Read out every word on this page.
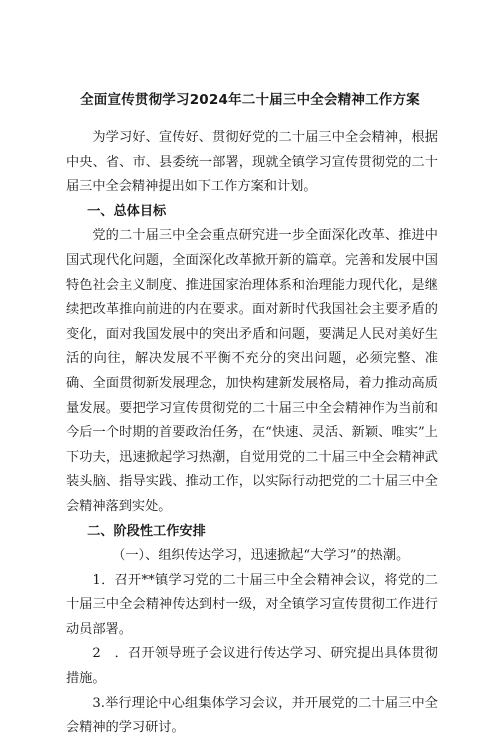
全面宣传贯彻学习2024年二十届三中全会精神工作方案

为学习好、宣传好、贯彻好党的二十届三中全会精神，根据中央、省、市、县委统一部署，现就全镇学习宣传贯彻党的二十届三中全会精神提出如下工作方案和计划。

一、总体目标

党的二十届三中全会重点研究进一步全面深化改革、推进中国式现代化问题，全面深化改革掀开新的篇章。完善和发展中国特色社会主义制度、推进国家治理体系和治理能力现代化，是继续把改革推向前进的内在要求。面对新时代我国社会主要矛盾的变化，面对我国发展中的突出矛盾和问题，要满足人民对美好生活的向往，解决发展不平衡不充分的突出问题，必须完整、准确、全面贯彻新发展理念，加快构建新发展格局，着力推动高质量发展。要把学习宣传贯彻党的二十届三中全会精神作为当前和今后一个时期的首要政治任务，在“快速、灵活、新颖、唯实”上下功夫，迅速掀起学习热潮，自觉用党的二十届三中全会精神武装头脑、指导实践、推动工作，以实际行动把党的二十届三中全会精神落到实处。

二、阶段性工作安排

（一）、组织传达学习，迅速掀起“大学习”的热潮。

1．召开**镇学习党的二十届三中全会精神会议，将党的二十届三中全会精神传达到村一级，对全镇学习宣传贯彻工作进行动员部署。

2　．召开领导班子会议进行传达学习、研究提出具体贯彻措施。

3.举行理论中心组集体学习会议，并开展党的二十届三中全会精神的学习研讨。
